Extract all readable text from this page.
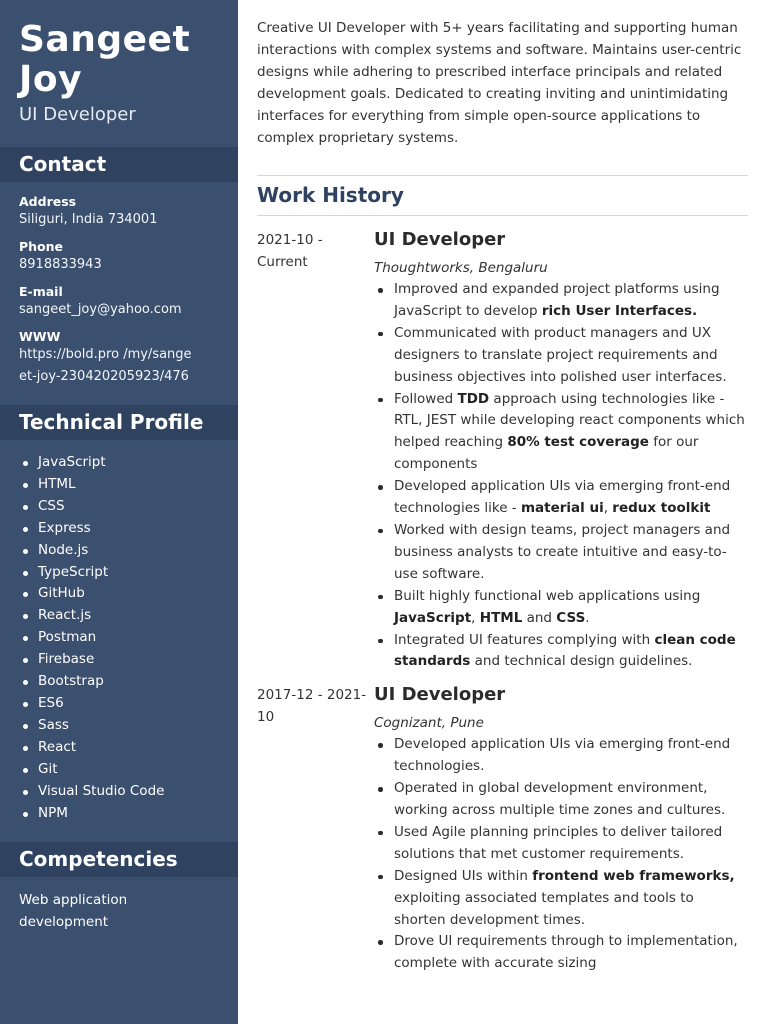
Sangeet
Joy
UI Developer
Contact
Address
Siliguri, India 734001
Phone
8918833943
E-mail
sangeet_joy@yahoo.com
WWW
https://bold.pro /my/sangeet-joy-230420205923/476
Technical Profile
JavaScript
HTML
CSS
Express
Node.js
TypeScript
GitHub
React.js
Postman
Firebase
Bootstrap
ES6
Sass
React
Git
Visual Studio Code
NPM
Competencies
Web application development

Creative UI Developer with 5+ years facilitating and supporting human interactions with complex systems and software. Maintains user-centric designs while adhering to prescribed interface principals and related development goals. Dedicated to creating inviting and unintimidating interfaces for everything from simple open-source applications to complex proprietary systems.

Work History
2021-10 - Current
UI Developer
Thoughtworks, Bengaluru
Improved and expanded project platforms using JavaScript to develop rich User Interfaces.
Communicated with product managers and UX designers to translate project requirements and business objectives into polished user interfaces.
Followed TDD approach using technologies like - RTL, JEST while developing react components which helped reaching 80% test coverage for our components
Developed application UIs via emerging front-end technologies like - material ui, redux toolkit
Worked with design teams, project managers and business analysts to create intuitive and easy-to-use software.
Built highly functional web applications using JavaScript, HTML and CSS.
Integrated UI features complying with clean code standards and technical design guidelines.
2017-12 - 2021-10
UI Developer
Cognizant, Pune
Developed application UIs via emerging front-end technologies.
Operated in global development environment, working across multiple time zones and cultures.
Used Agile planning principles to deliver tailored solutions that met customer requirements.
Designed UIs within frontend web frameworks, exploiting associated templates and tools to shorten development times.
Drove UI requirements through to implementation, complete with accurate sizing
